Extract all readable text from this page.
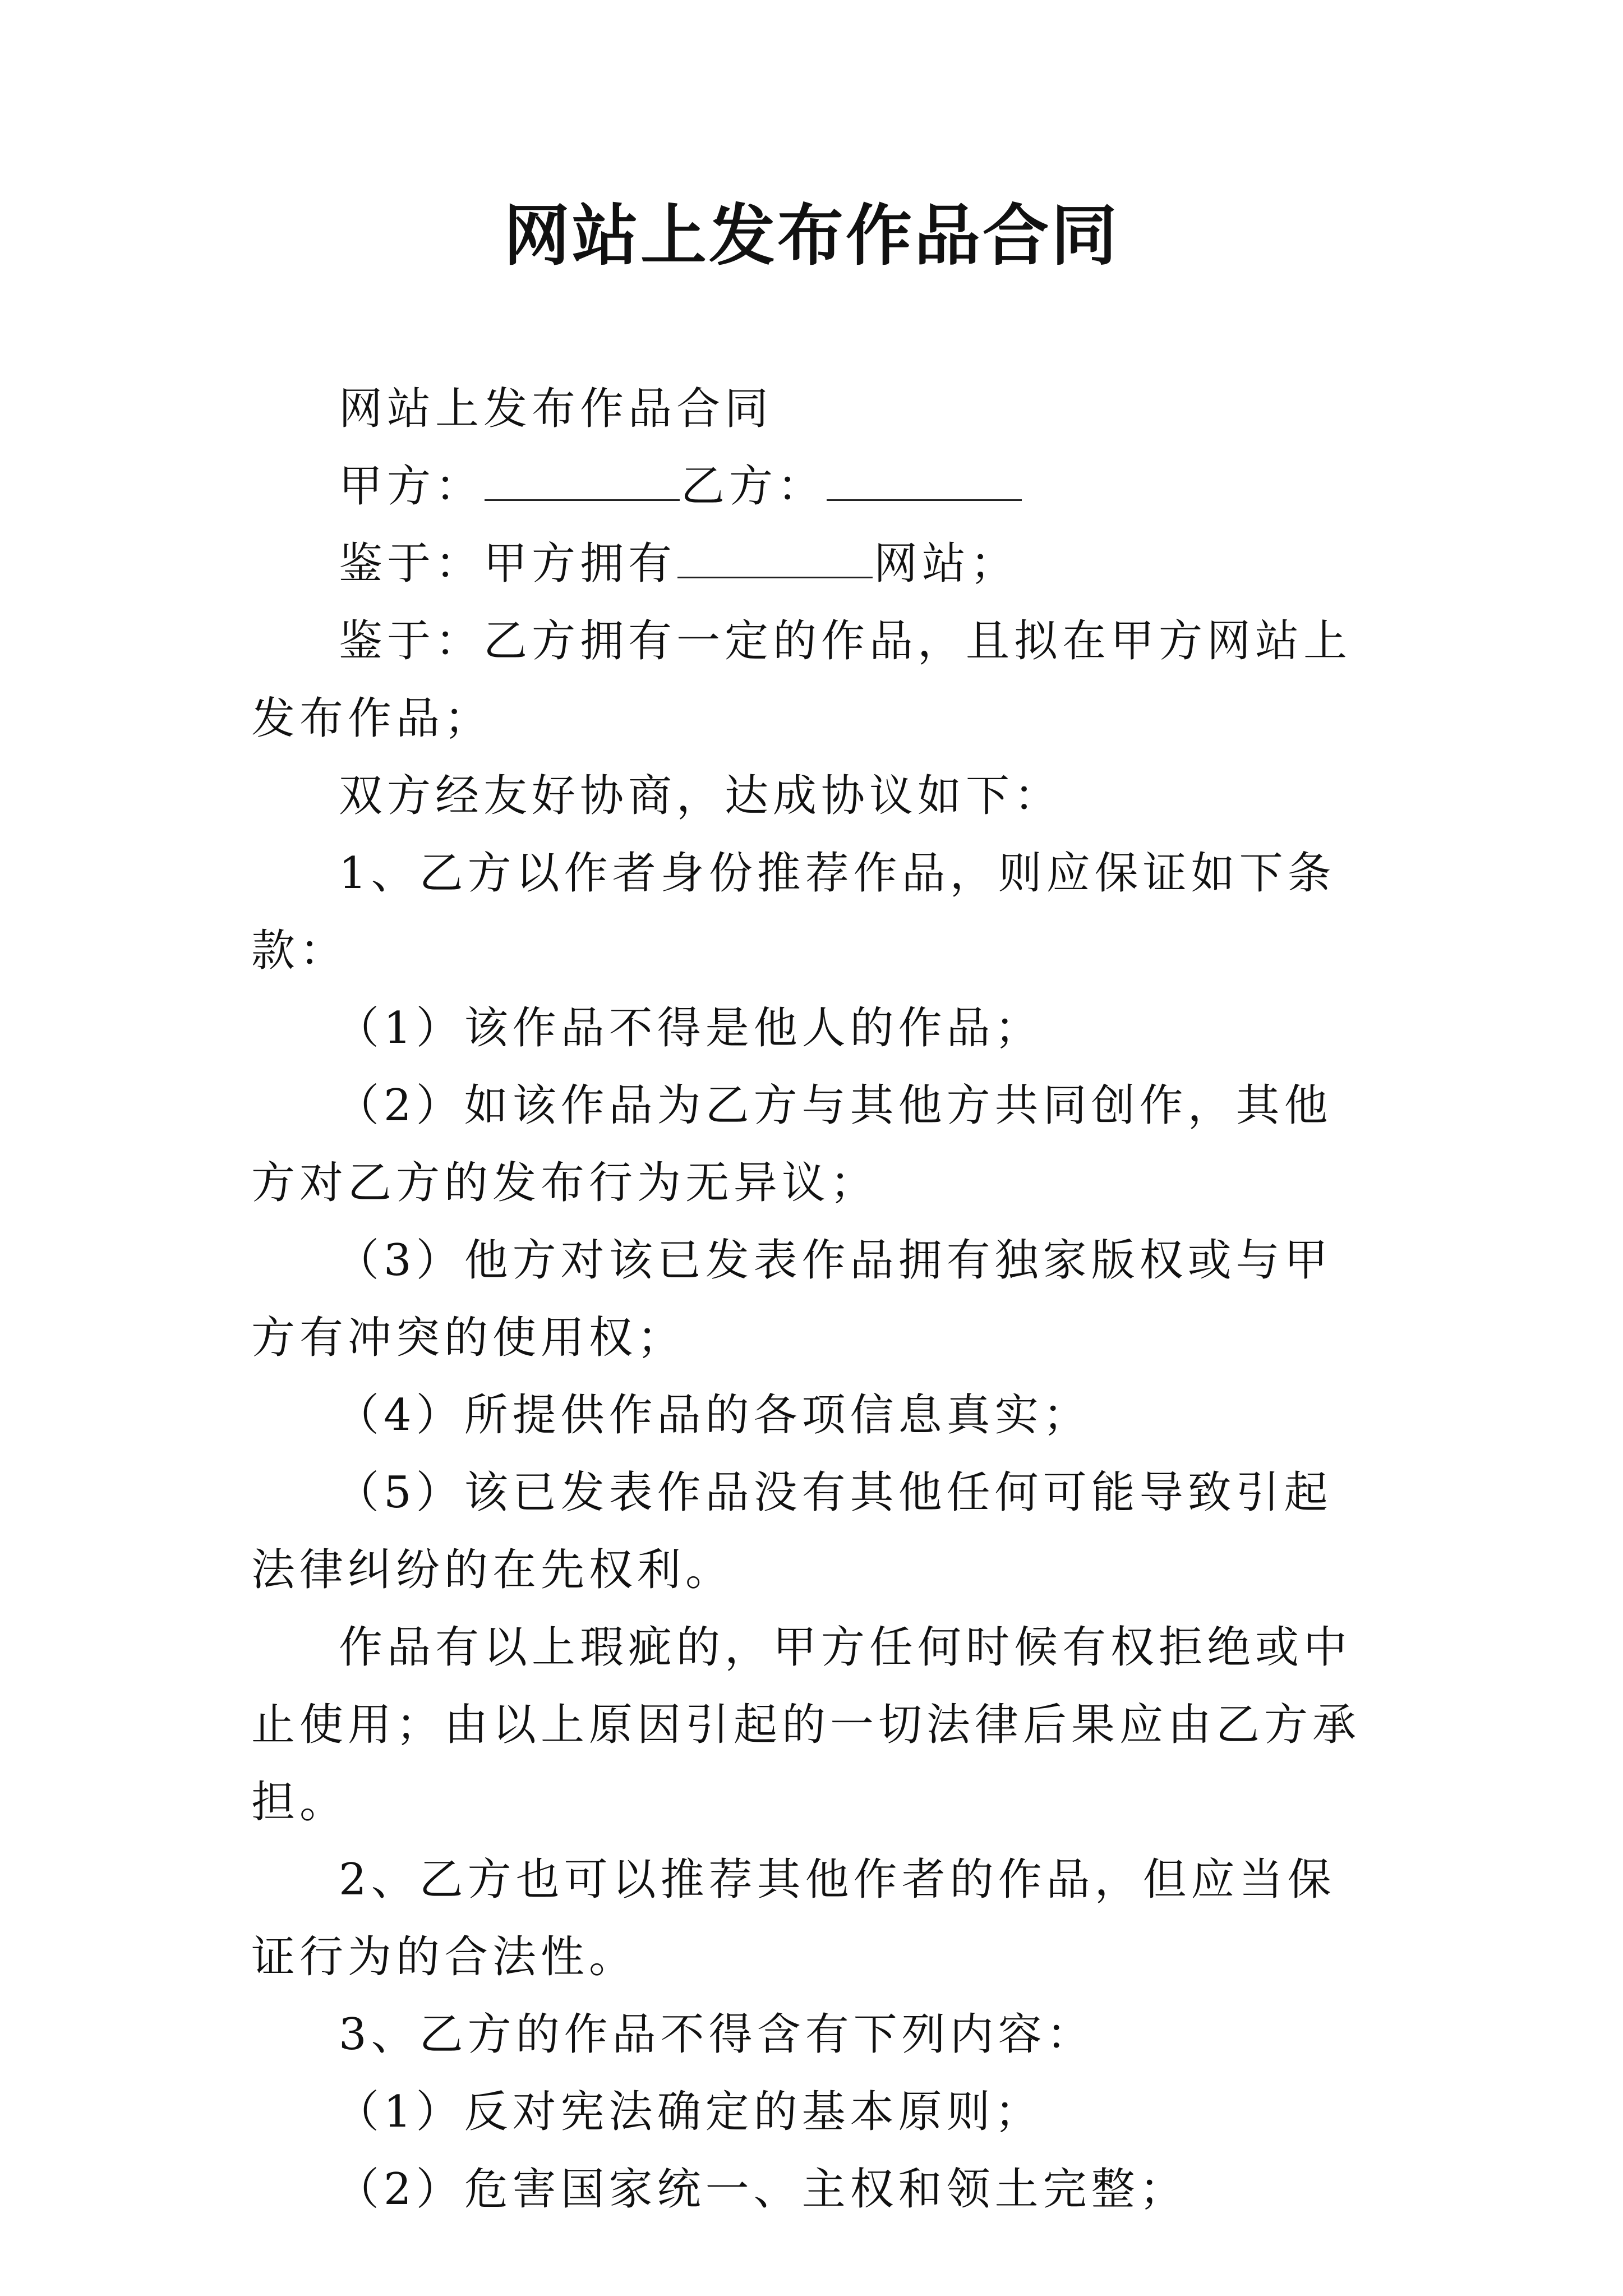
网站上发布作品合同

网站上发布作品合同

甲方：	乙方：

鉴于：甲方拥有	网站；

鉴于：乙方拥有一定的作品，且拟在甲方网站上发布作品；

双方经友好协商，达成协议如下：

1、乙方以作者身份推荐作品，则应保证如下条款：

（1）该作品不得是他人的作品；

（2）如该作品为乙方与其他方共同创作，其他方对乙方的发布行为无异议；

（3）他方对该已发表作品拥有独家版权或与甲方有冲突的使用权；

（4）所提供作品的各项信息真实；

（5）该已发表作品没有其他任何可能导致引起法律纠纷的在先权利。

作品有以上瑕疵的，甲方任何时候有权拒绝或中止使用；由以上原因引起的一切法律后果应由乙方承担。

2、乙方也可以推荐其他作者的作品，但应当保证行为的合法性。

3、乙方的作品不得含有下列内容：

（1）反对宪法确定的基本原则；

（2）危害国家统一、主权和领土完整；
